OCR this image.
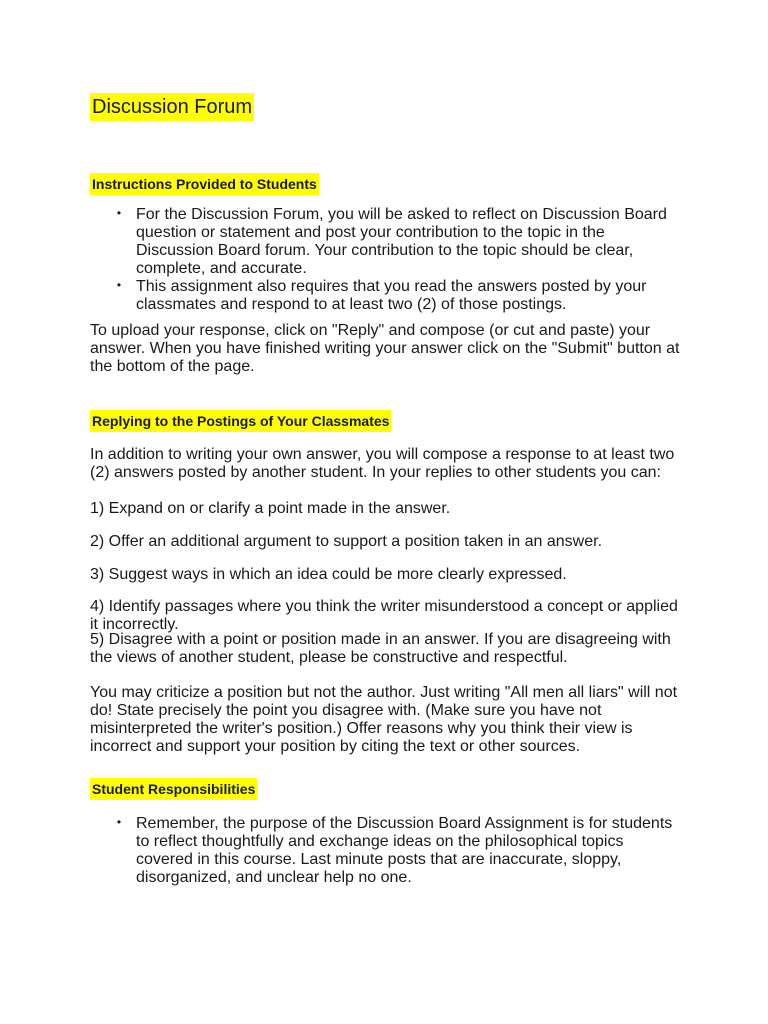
Discussion Forum
Instructions Provided to Students
• For the Discussion Forum, you will be asked to reflect on Discussion Board question or statement and post your contribution to the topic in the Discussion Board forum. Your contribution to the topic should be clear, complete, and accurate.
• This assignment also requires that you read the answers posted by your classmates and respond to at least two (2) of those postings.

To upload your response, click on "Reply" and compose (or cut and paste) your answer. When you have finished writing your answer click on the "Submit" button at the bottom of the page.

Replying to the Postings of Your Classmates

In addition to writing your own answer, you will compose a response to at least two (2) answers posted by another student. In your replies to other students you can:

1) Expand on or clarify a point made in the answer.

2) Offer an additional argument to support a position taken in an answer.

3) Suggest ways in which an idea could be more clearly expressed.

4) Identify passages where you think the writer misunderstood a concept or applied it incorrectly.

5) Disagree with a point or position made in an answer. If you are disagreeing with the views of another student, please be constructive and respectful.

You may criticize a position but not the author. Just writing "All men all liars" will not do! State precisely the point you disagree with. (Make sure you have not misinterpreted the writer's position.) Offer reasons why you think their view is incorrect and support your position by citing the text or other sources.

Student Responsibilities
• Remember, the purpose of the Discussion Board Assignment is for students to reflect thoughtfully and exchange ideas on the philosophical topics covered in this course. Last minute posts that are inaccurate, sloppy, disorganized, and unclear help no one.
